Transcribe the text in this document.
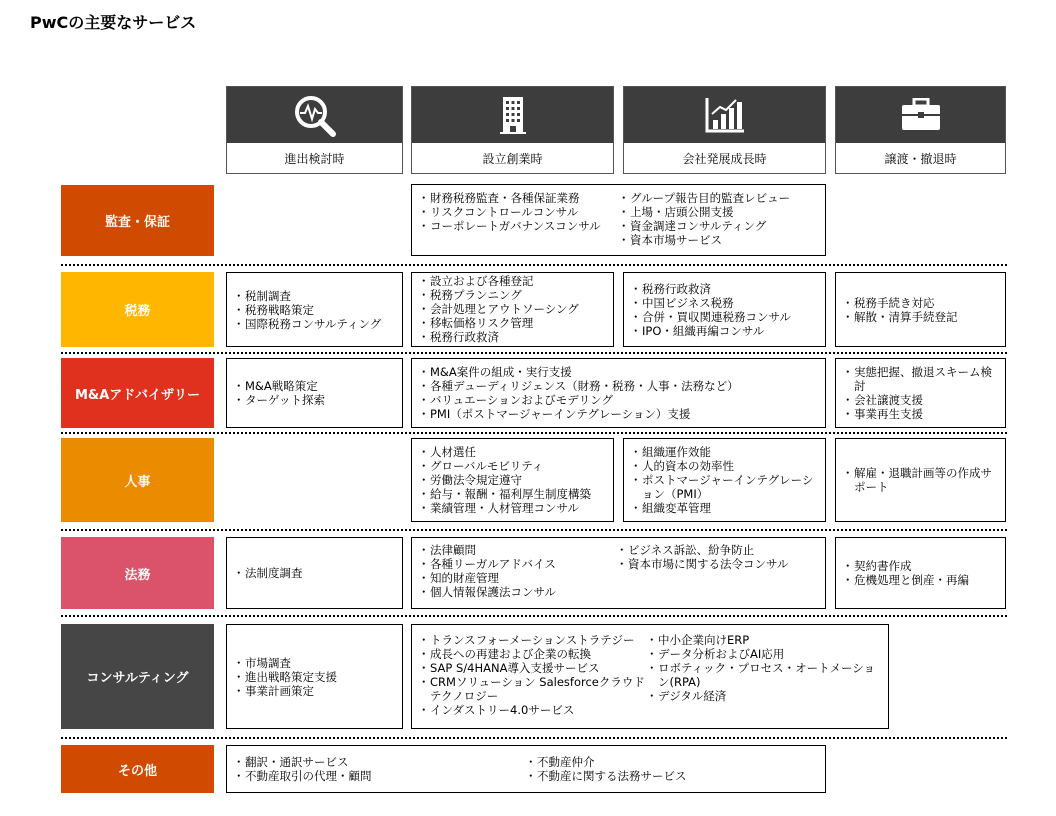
PwCの主要なサービス
進出検討時	設立創業時	会社発展成長時	譲渡・撤退時
監査・保証
税務
M&Aアドバイザリー
人事
法務
コンサルティング
その他
・ 財務税務監査・各種保証業務
・ リスクコントロールコンサル
・ コーポレートガバナンスコンサル
・ グループ報告目的監査レビュー
・ 上場・店頭公開支援
・ 資金調達コンサルティング
・ 資本市場サービス
・ 税制調査
・ 税務戦略策定
・ 国際税務コンサルティング
・ 設立および各種登記
・ 税務プランニング
・ 会計処理とアウトソーシング
・ 移転価格リスク管理
・ 税務行政救済
・ 税務行政救済
・ 中国ビジネス税務
・ 合併・買収関連税務コンサル
・ IPO・組織再編コンサル
・ 税務手続き対応
・ 解散・清算手続登記
・ M&A戦略策定
・ ターゲット探索
・ M&A案件の組成・実行支援
・ 各種デューディリジェンス（財務・税務・人事・法務など）
・ バリュエーションおよびモデリング
・ PMI（ポストマージャーインテグレーション）支援
・ 実態把握、撤退スキーム検討
・ 会社譲渡支援
・ 事業再生支援
・ 人材選任
・ グローバルモビリティ
・ 労働法令規定遵守
・ 給与・報酬・福利厚生制度構築
・ 業績管理・人材管理コンサル
・ 組織運作效能
・ 人的資本の効率性
・ ポストマージャーインテグレーション（PMI）
・ 組織変革管理
・ 解雇・退職計画等の作成サポート
・ 法制度調査
・ 法律顧問
・ 各種リーガルアドバイス
・ 知的財産管理
・ 個人情報保護法コンサル
・ ビジネス訴訟、紛争防止
・ 資本市場に関する法令コンサル
・	契約書作成
・ 危機処理と倒産・再編
・ 市場調査
・ 進出戦略策定支援
・ 事業計画策定
・ トランスフォーメーションストラテジー
・ 成長への再建および企業の転換
・ SAP S/4HANA導入支援サービス
・ CRMソリューション Salesforceクラウドテクノロジー
・ インダストリー4.0サービス
・ 中小企業向けERP
・ データ分析およびAI応用
・ ロボティック・プロセス・オートメーション(RPA)
・ デジタル経済
・ 翻訳・通訳サービス
・ 不動産取引の代理・顧問
・ 不動産仲介
・ 不動産に関する法務サービス
